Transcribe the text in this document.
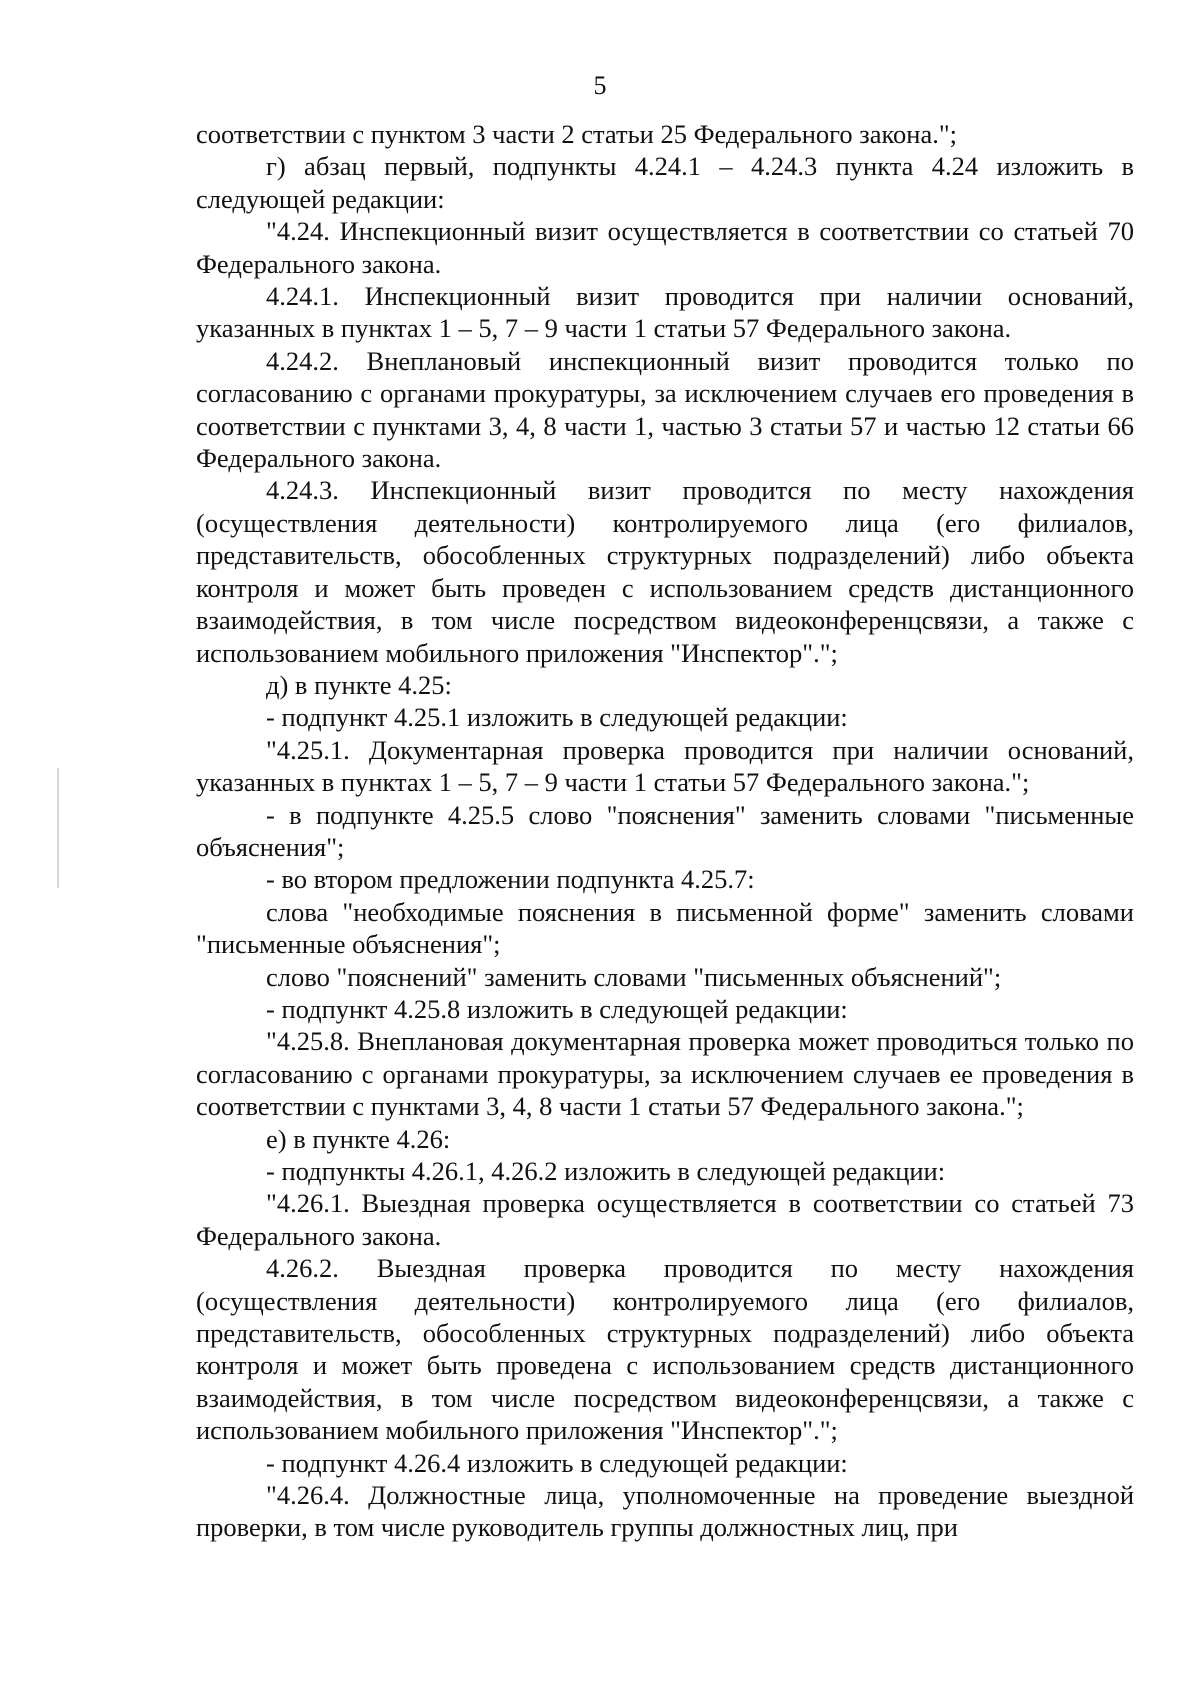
5

соответствии с пунктом 3 части 2 статьи 25 Федерального закона.";

г) абзац первый, подпункты 4.24.1 – 4.24.3 пункта 4.24 изложить в следующей редакции:

"4.24. Инспекционный визит осуществляется в соответствии со статьей 70 Федерального закона.

4.24.1. Инспекционный визит проводится при наличии оснований, указанных в пунктах 1 – 5, 7 – 9 части 1 статьи 57 Федерального закона.

4.24.2. Внеплановый инспекционный визит проводится только по согласованию с органами прокуратуры, за исключением случаев его проведения в соответствии с пунктами 3, 4, 8 части 1, частью 3 статьи 57 и частью 12 статьи 66 Федерального закона.

4.24.3. Инспекционный визит проводится по месту нахождения (осуществления деятельности) контролируемого лица (его филиалов, представительств, обособленных структурных подразделений) либо объекта контроля и может быть проведен с использованием средств дистанционного взаимодействия, в том числе посредством видеоконференцсвязи, а также с использованием мобильного приложения "Инспектор".";

д) в пункте 4.25:

- подпункт 4.25.1 изложить в следующей редакции:

"4.25.1. Документарная проверка проводится при наличии оснований, указанных в пунктах 1 – 5, 7 – 9 части 1 статьи 57 Федерального закона.";

- в подпункте 4.25.5 слово "пояснения" заменить словами "письменные объяснения";

- во втором предложении подпункта 4.25.7:

слова "необходимые пояснения в письменной форме" заменить словами "письменные объяснения";

слово "пояснений" заменить словами "письменных объяснений";

- подпункт 4.25.8 изложить в следующей редакции:

"4.25.8. Внеплановая документарная проверка может проводиться только по согласованию с органами прокуратуры, за исключением случаев ее проведения в соответствии с пунктами 3, 4, 8 части 1 статьи 57 Федерального закона.";

е) в пункте 4.26:

- подпункты 4.26.1, 4.26.2 изложить в следующей редакции:

"4.26.1. Выездная проверка осуществляется в соответствии со статьей 73 Федерального закона.

4.26.2. Выездная проверка проводится по месту нахождения (осуществления деятельности) контролируемого лица (его филиалов, представительств, обособленных структурных подразделений) либо объекта контроля и может быть проведена с использованием средств дистанционного взаимодействия, в том числе посредством видеоконференцсвязи, а также с использованием мобильного приложения "Инспектор".";

- подпункт 4.26.4 изложить в следующей редакции:

"4.26.4. Должностные лица, уполномоченные на проведение выездной проверки, в том числе руководитель группы должностных лиц, при
